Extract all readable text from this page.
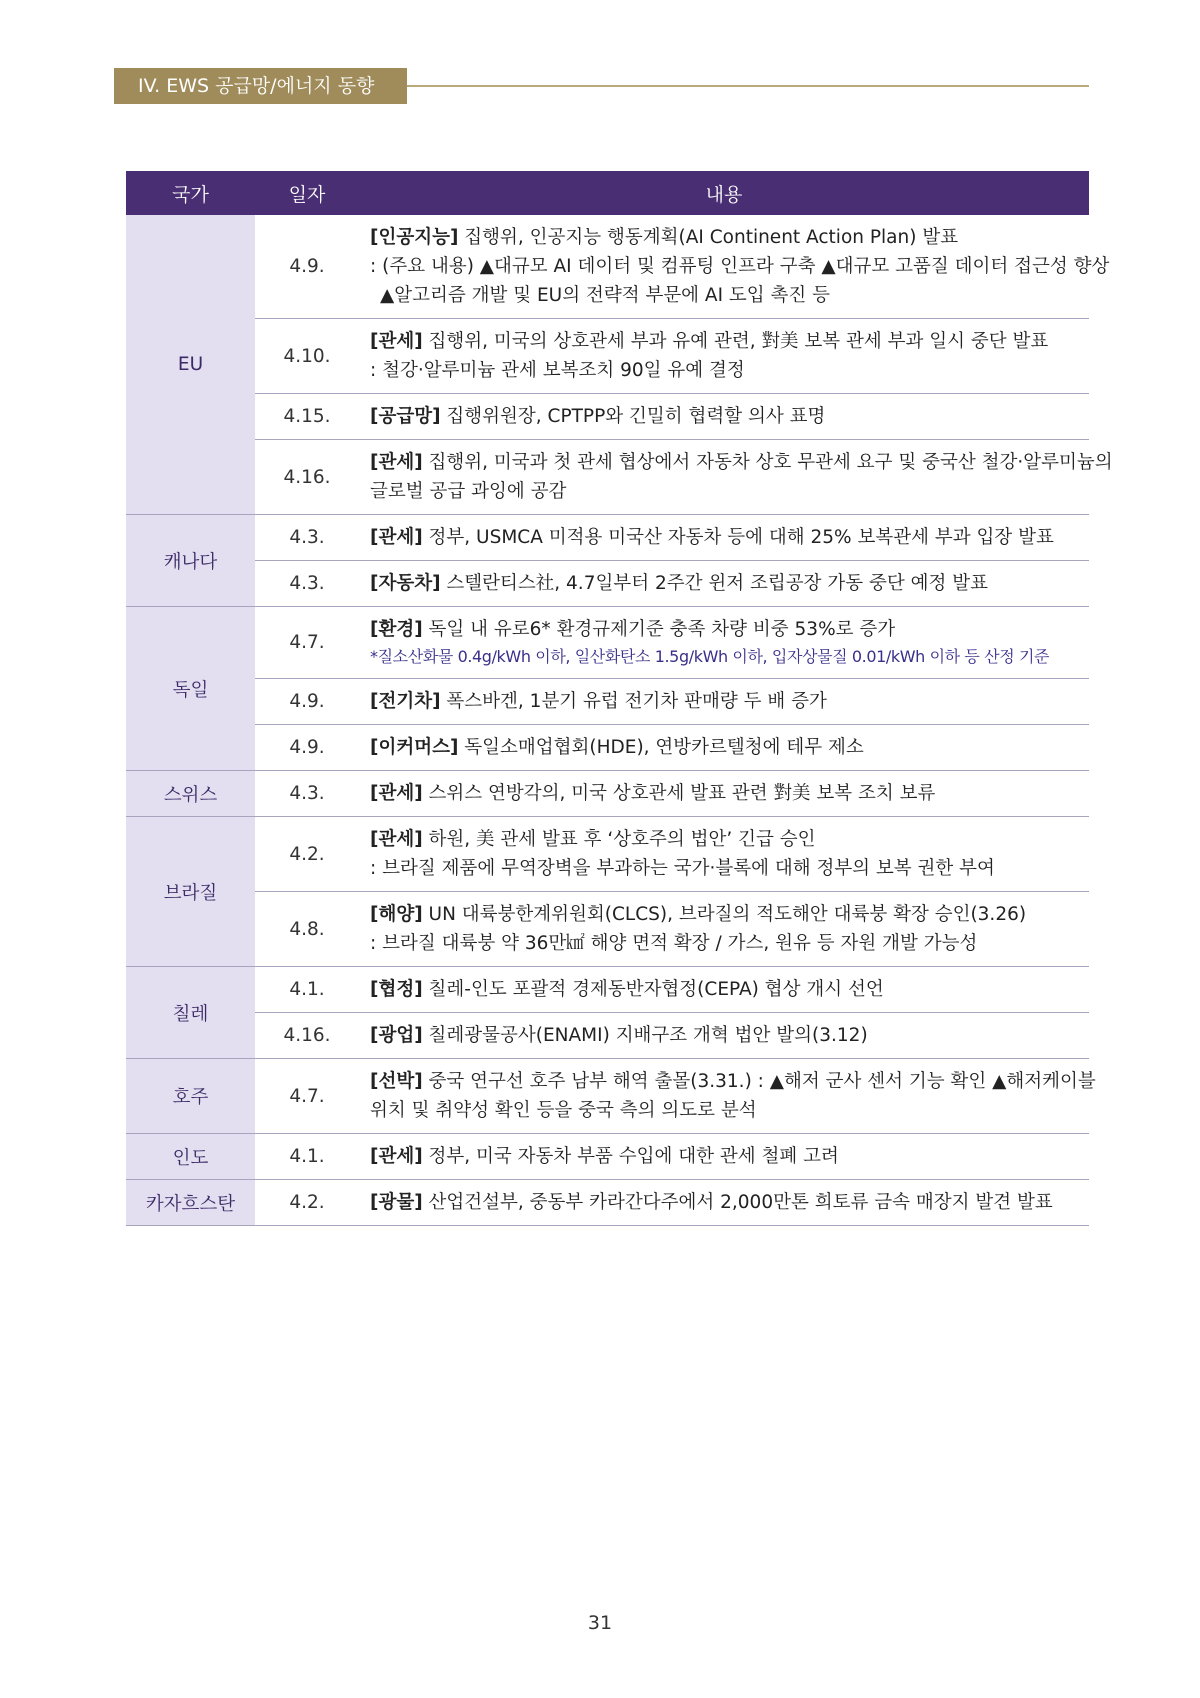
IV. EWS 공급망/에너지 동향
국가	일자	내용
EU	4.9.	[인공지능] 집행위, 인공지능 행동계획(AI Continent Action Plan) 발표
: (주요 내용) ▲대규모 AI 데이터 및 컴퓨팅 인프라 구축 ▲대규모 고품질 데이터 접근성 향상
▲알고리즘 개발 및 EU의 전략적 부문에 AI 도입 촉진 등

	4.10.	[관세] 집행위, 미국의 상호관세 부과 유예 관련, 對美 보복 관세 부과 일시 중단 발표
: 철강·알루미늄 관세 보복조치 90일 유예 결정

	4.15.	[공급망] 집행위원장, CPTPP와 긴밀히 협력할 의사 표명

	4.16.	[관세] 집행위, 미국과 첫 관세 협상에서 자동차 상호 무관세 요구 및 중국산 철강·알루미늄의
글로벌 공급 과잉에 공감

캐나다	4.3.	[관세] 정부, USMCA 미적용 미국산 자동차 등에 대해 25% 보복관세 부과 입장 발표

	4.3.	[자동차] 스텔란티스社, 4.7일부터 2주간 윈저 조립공장 가동 중단 예정 발표

독일	4.7.	[환경] 독일 내 유로6* 환경규제기준 충족 차량 비중 53%로 증가
*질소산화물 0.4g/kWh 이하, 일산화탄소 1.5g/kWh 이하, 입자상물질 0.01/kWh 이하 등 산정 기준

	4.9.	[전기차] 폭스바겐, 1분기 유럽 전기차 판매량 두 배 증가

	4.9.	[이커머스] 독일소매업협회(HDE), 연방카르텔청에 테무 제소

스위스	4.3.	[관세] 스위스 연방각의, 미국 상호관세 발표 관련 對美 보복 조치 보류

브라질	4.2.	[관세] 하원, 美 관세 발표 후 ‘상호주의 법안’ 긴급 승인
: 브라질 제품에 무역장벽을 부과하는 국가·블록에 대해 정부의 보복 권한 부여

	4.8.	[해양] UN 대륙붕한계위원회(CLCS), 브라질의 적도해안 대륙붕 확장 승인(3.26)
: 브라질 대륙붕 약 36만㎢ 해양 면적 확장 / 가스, 원유 등 자원 개발 가능성

칠레	4.1.	[협정] 칠레-인도 포괄적 경제동반자협정(CEPA) 협상 개시 선언

	4.16.	[광업] 칠레광물공사(ENAMI) 지배구조 개혁 법안 발의(3.12)

호주	4.7.	[선박] 중국 연구선 호주 남부 해역 출몰(3.31.) : ▲해저 군사 센서 기능 확인 ▲해저케이블
위치 및 취약성 확인 등을 중국 측의 의도로 분석

인도	4.1.	[관세] 정부, 미국 자동차 부품 수입에 대한 관세 철폐 고려

카자흐스탄	4.2.	[광물] 산업건설부, 중동부 카라간다주에서 2,000만톤 희토류 금속 매장지 발견 발표
31
